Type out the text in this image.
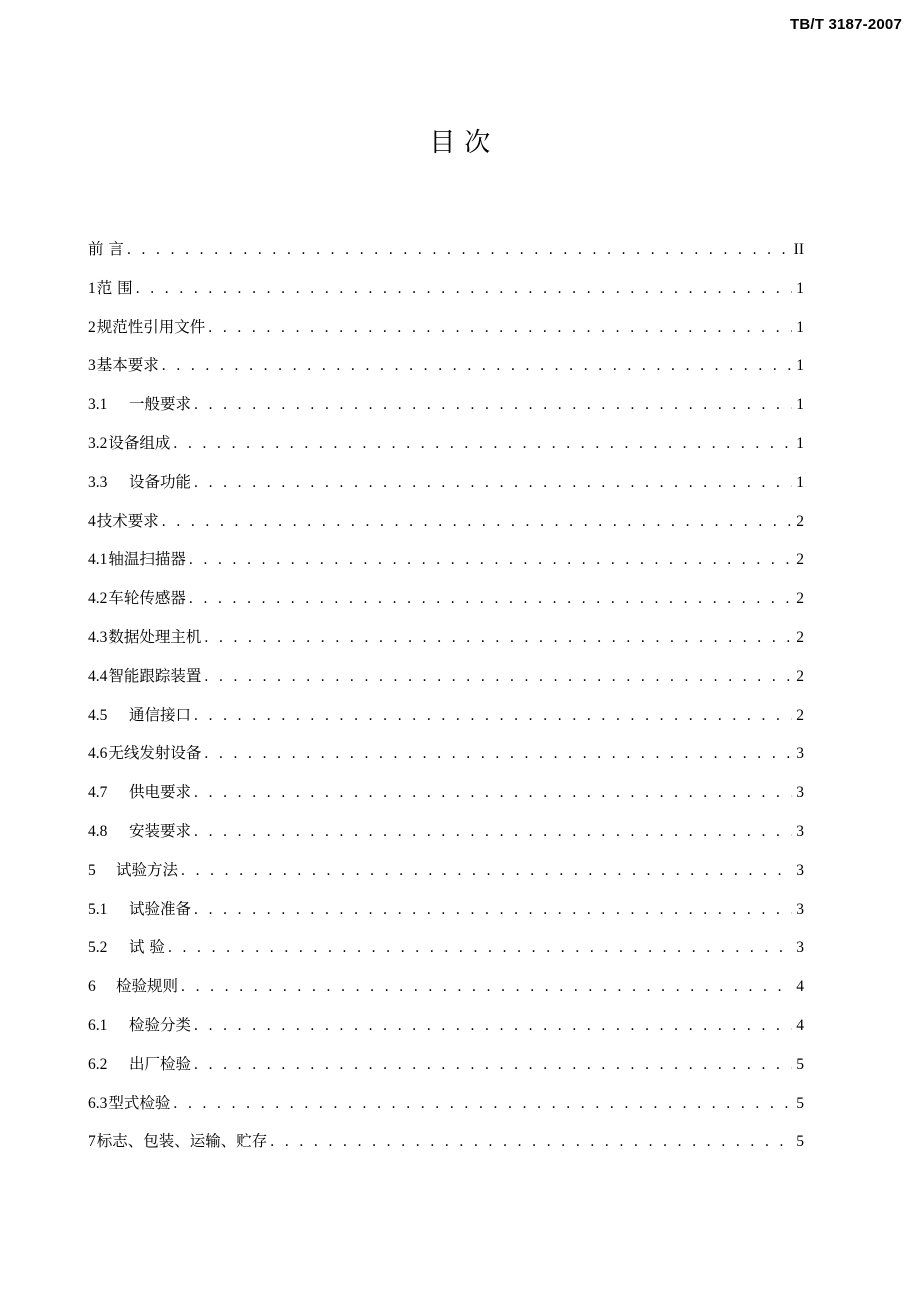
TB/T 3187-2007
目 次
前 言 . . .	II
1 范 围 . . .	1
2 规范性引用文件 . . .	1
3 基本要求 . . .	1
3.1	一般要求 . . .	1
3.2 设备组成 . . .	1
3.3	设备功能 . . .	1
4 技术要求 . . .	2
4.1 轴温扫描器 . . .	2
4.2 车轮传感器 . . .	2
4.3 数据处理主机 . . .	2
4.4 智能跟踪装置 . . .	2
4.5	通信接口 . . .	2
4.6 无线发射设备 . . .	3
4.7	供电要求 . . .	3
4.8	安装要求 . . .	3
5	试验方法 . . .	3
5.1	试验准备 . . .	3
5.2	试 验 . . .	3
6	检验规则 . . .	4
6.1	检验分类 . . .	4
6.2	出厂检验 . . .	5
6.3 型式检验 . . .	5
7 标志、包装、运输、贮存 . . .	5
